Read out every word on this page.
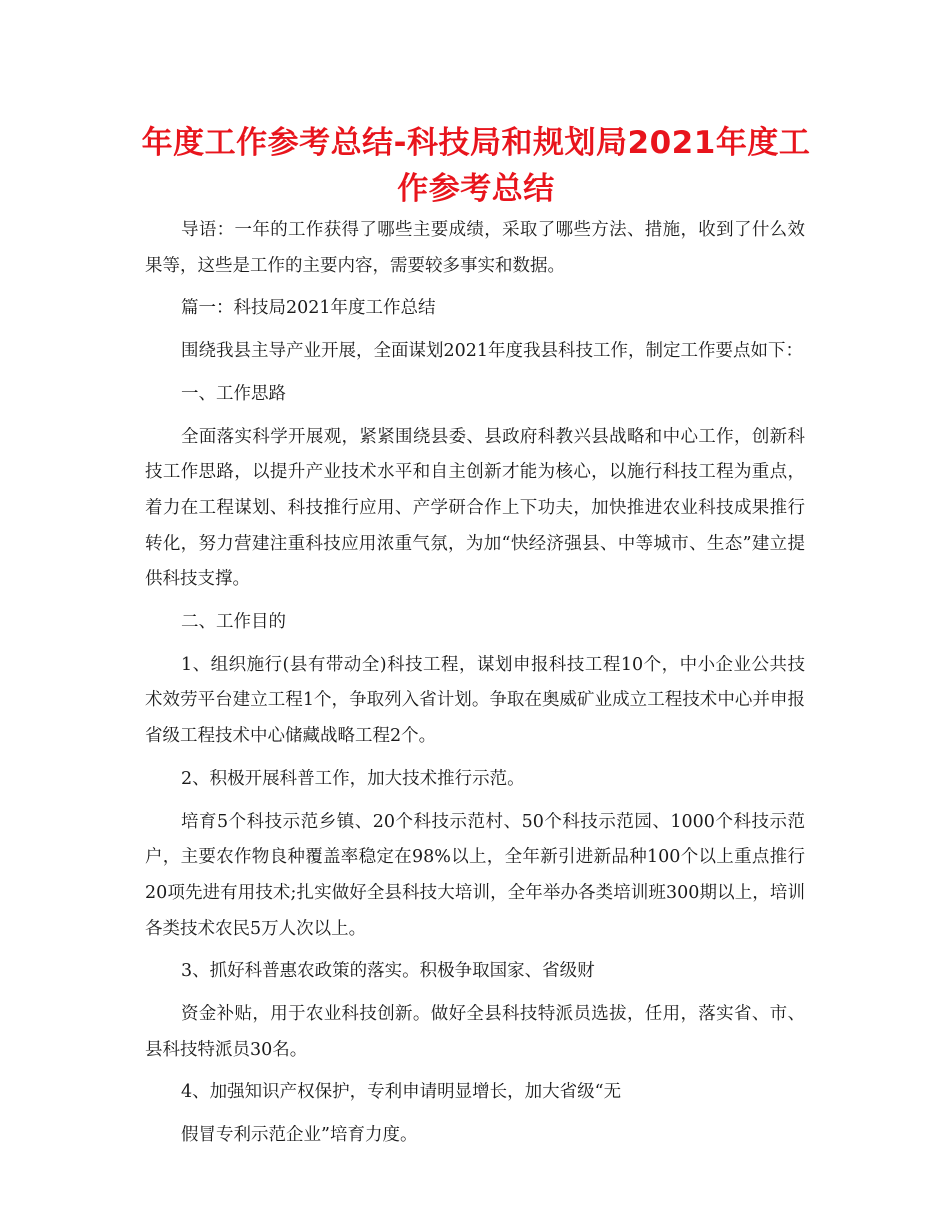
年度工作参考总结-科技局和规划局2021年度工作参考总结

导语：一年的工作获得了哪些主要成绩，采取了哪些方法、措施，收到了什么效果等，这些是工作的主要内容，需要较多事实和数据。

篇一：科技局2021年度工作总结

围绕我县主导产业开展，全面谋划2021年度我县科技工作，制定工作要点如下：

一、工作思路

全面落实科学开展观，紧紧围绕县委、县政府科教兴县战略和中心工作，创新科技工作思路，以提升产业技术水平和自主创新才能为核心，以施行科技工程为重点，着力在工程谋划、科技推行应用、产学研合作上下功夫，加快推进农业科技成果推行转化，努力营建注重科技应用浓重气氛，为加“快经济强县、中等城市、生态”建立提供科技支撑。

二、工作目的

1、组织施行(县有带动全)科技工程，谋划申报科技工程10个，中小企业公共技术效劳平台建立工程1个，争取列入省计划。争取在奥威矿业成立工程技术中心并申报省级工程技术中心储藏战略工程2个。

2、积极开展科普工作，加大技术推行示范。

培育5个科技示范乡镇、20个科技示范村、50个科技示范园、1000个科技示范户，主要农作物良种覆盖率稳定在98%以上，全年新引进新品种100个以上重点推行20项先进有用技术;扎实做好全县科技大培训，全年举办各类培训班300期以上，培训各类技术农民5万人次以上。

3、抓好科普惠农政策的落实。积极争取国家、省级财

资金补贴，用于农业科技创新。做好全县科技特派员选拔，任用，落实省、市、县科技特派员30名。

4、加强知识产权保护，专利申请明显增长，加大省级“无

假冒专利示范企业”培育力度。
